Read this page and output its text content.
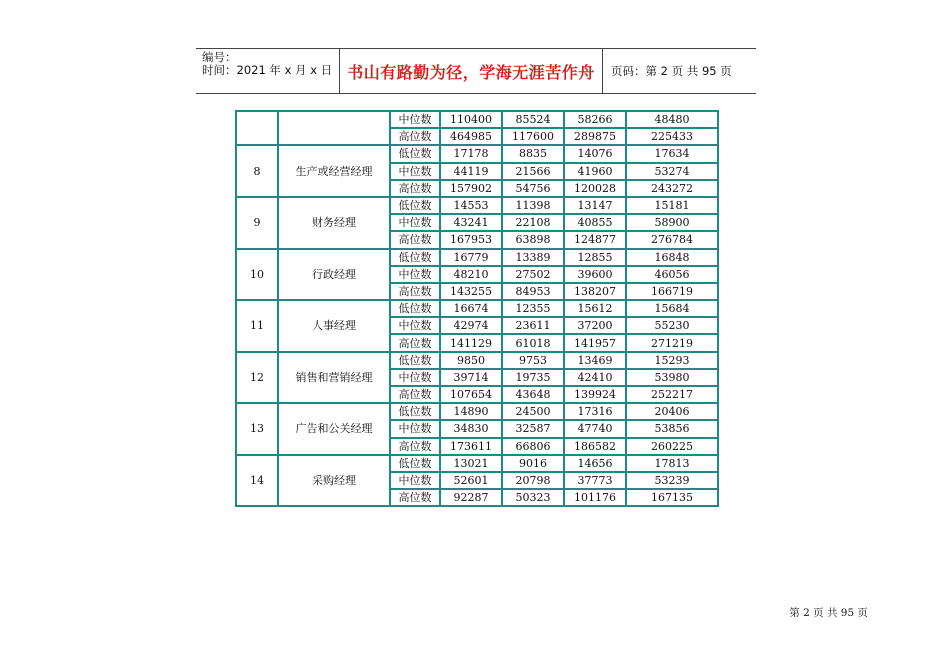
编号：
时间：2021 年 x 月 x 日 书山有路勤为径，学海无涯苦作舟	页码：第 2 页 共 95 页
		中位数	110400	85524	58266	48480
		高位数	464985	117600	289875	225433
8	生产或经营经理	低位数	17178	8835	14076	17634
		中位数	44119	21566	41960	53274
		高位数	157902	54756	120028	243272
9	财务经理	低位数	14553	11398	13147	15181
		中位数	43241	22108	40855	58900
		高位数	167953	63898	124877	276784
10	行政经理	低位数	16779	13389	12855	16848
		中位数	48210	27502	39600	46056
		高位数	143255	84953	138207	166719
11	人事经理	低位数	16674	12355	15612	15684
		中位数	42974	23611	37200	55230
		高位数	141129	61018	141957	271219
12	销售和营销经理	低位数	9850	9753	13469	15293
		中位数	39714	19735	42410	53980
		高位数	107654	43648	139924	252217
13	广告和公关经理	低位数	14890	24500	17316	20406
		中位数	34830	32587	47740	53856
		高位数	173611	66806	186582	260225
14	采购经理	低位数	13021	9016	14656	17813
		中位数	52601	20798	37773	53239
		高位数	92287	50323	101176	167135
第 2 页 共 95 页
